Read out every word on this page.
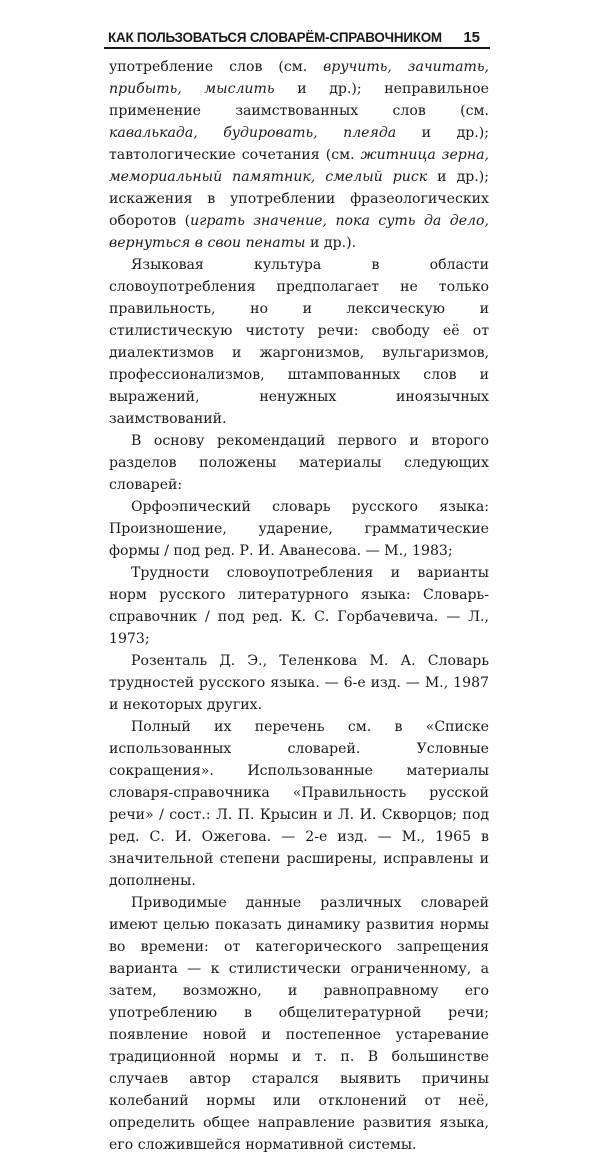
КАК ПОЛЬЗОВАТЬСЯ СЛОВАРЁМ-СПРАВОЧНИКОМ 15

употребление слов (см. вручить, зачитать, прибыть, мыслить и др.); неправильное применение заимствованных слов (см. кавалькада, будировать, плеяда и др.); тавтологические сочетания (см. житница зерна, мемориальный памятник, смелый риск и др.); искажения в употреблении фразеологических оборотов (играть значение, пока суть да дело, вернуться в свои пенаты и др.).

Языковая культура в области словоупотребления предполагает не только правильность, но и лексическую и стилистическую чистоту речи: свободу её от диалектизмов и жаргонизмов, вульгаризмов, профессионализмов, штампованных слов и выражений, ненужных иноязычных заимствований.

В основу рекомендаций первого и второго разделов положены материалы следующих словарей:

Орфоэпический словарь русского языка: Произношение, ударение, грамматические формы / под ред. Р. И. Аванесова. — М., 1983;

Трудности словоупотребления и варианты норм русского литературного языка: Словарь-справочник / под ред. К. С. Горбачевича. — Л., 1973;

Розенталь Д. Э., Теленкова М. А. Словарь трудностей русского языка. — 6-е изд. — М., 1987 и некоторых других.

Полный их перечень см. в «Списке использованных словарей. Условные сокращения». Использованные материалы словаря-справочника «Правильность русской речи» / сост.: Л. П. Крысин и Л. И. Скворцов; под ред. С. И. Ожегова. — 2-е изд. — М., 1965 в значительной степени расширены, исправлены и дополнены.

Приводимые данные различных словарей имеют целью показать динамику развития нормы во времени: от категорического запрещения варианта — к стилистически ограниченному, а затем, возможно, и равноправному его употреблению в общелитературной речи; появление новой и постепенное устаревание традиционной нормы и т. п. В большинстве случаев автор старался выявить причины колебаний нормы или отклонений от неё, определить общее направление развития языка, его сложившейся нормативной системы.
